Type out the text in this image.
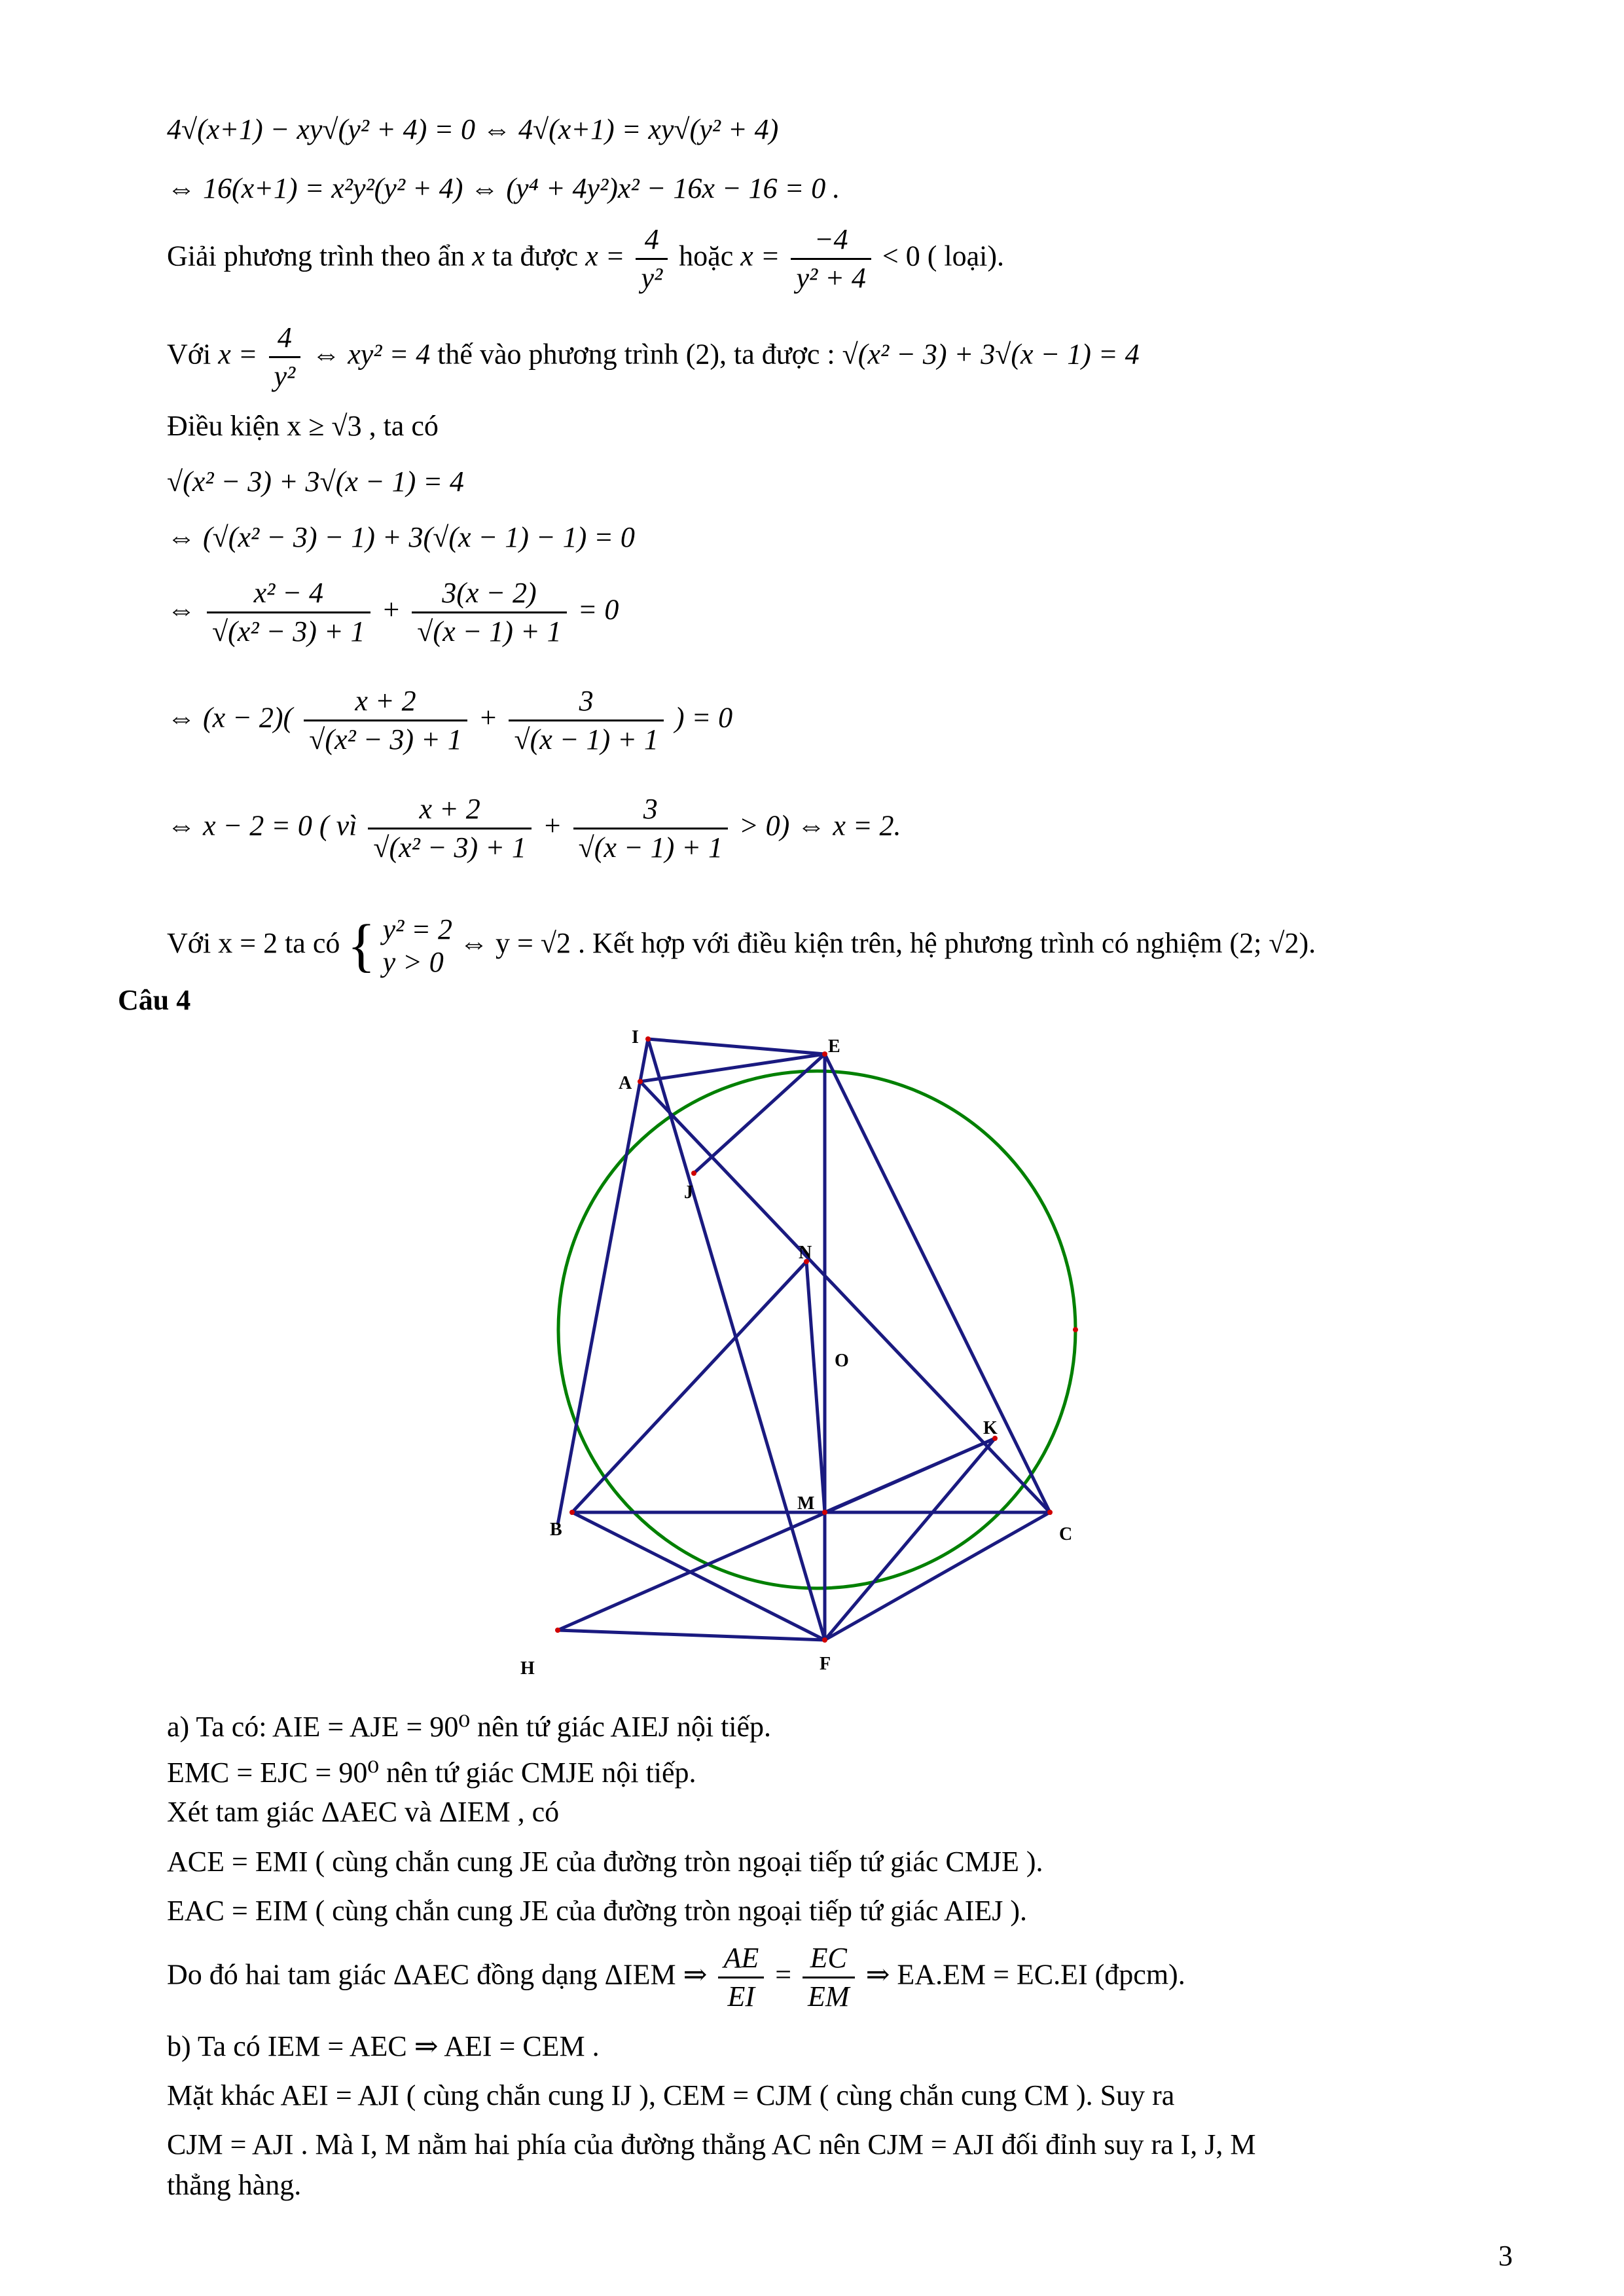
4√(x+1) − xy√(y² + 4) = 0 ⇔ 4√(x+1) = xy√(y² + 4)
⇔ 16(x+1) = x²y²(y² + 4) ⇔ (y⁴ + 4y²)x² − 16x − 16 = 0 .
Giải phương trình theo ẩn x ta được $x = \frac{4}{\text{y²}}$ hoặc $x = \frac{-4}{\text{y² + 4}} < 0$ ( loại).
Với $x = \frac{4}{\text{y²}}$ ⇔ xy² = 4 thế vào phương trình (2), ta được : √(x² − 3) + 3√(x − 1) = 4
Điều kiện x ≥ √3 , ta có
√(x² − 3) + 3√(x − 1) = 4
⇔ (√(x² − 3) − 1) + 3(√(x − 1) − 1) = 0
⇔ $\frac{\text{x² − 4}}{\text{√(x² − 3) + 1}} + \frac{3(x - 2)}{√(x - 1) + 1} = 0$
⇔ $(x - 2)( \frac{x + 2}{\text{√(x² − 3) + 1}} + \frac{3}{√(x - 1) + 1}$ ) = 0
⇔ x − 2 = 0 ( vì $\frac{x + 2}{\text{√(x² − 3) + 1}} + \frac{3}{√(x - 1) + 1} > 0$) ⇔ x = 2.
Với x = 2 ta có { y² = 2
y > 0
⇔ y = √2 . Kết hợp với điều kiện trên, hệ phương trình có nghiệm (2; √2).
Câu 4
I	E
A
J
N
O
K
B
M
C
H	F
a) Ta có: AIE = AJE = 90⁰ nên tứ giác AIEJ nội tiếp.
EMC = EJC = 90⁰ nên tứ giác CMJE nội tiếp.
Xét tam giác ΔAEC và ΔIEM , có
ACE = EMI ( cùng chắn cung JE của đường tròn ngoại tiếp tứ giác CMJE ).
EAC = EIM ( cùng chắn cung JE của đường tròn ngoại tiếp tứ giác AIEJ ).
Do đó hai tam giác ΔAEC đồng dạng ΔIEM ⇒ $\frac{AE}{EI} = \frac{EC}{EM}$ ⇒ EA.EM = EC.EI (đpcm).
b) Ta có IEM = AEC ⇒ AEI = CEM .
Mặt khác AEI = AJI ( cùng chắn cung IJ ), CEM = CJM ( cùng chắn cung CM ). Suy ra
CJM = AJI . Mà I, M nằm hai phía của đường thẳng AC nên CJM = AJI đối đỉnh suy ra I, J, M
thẳng hàng.
3
